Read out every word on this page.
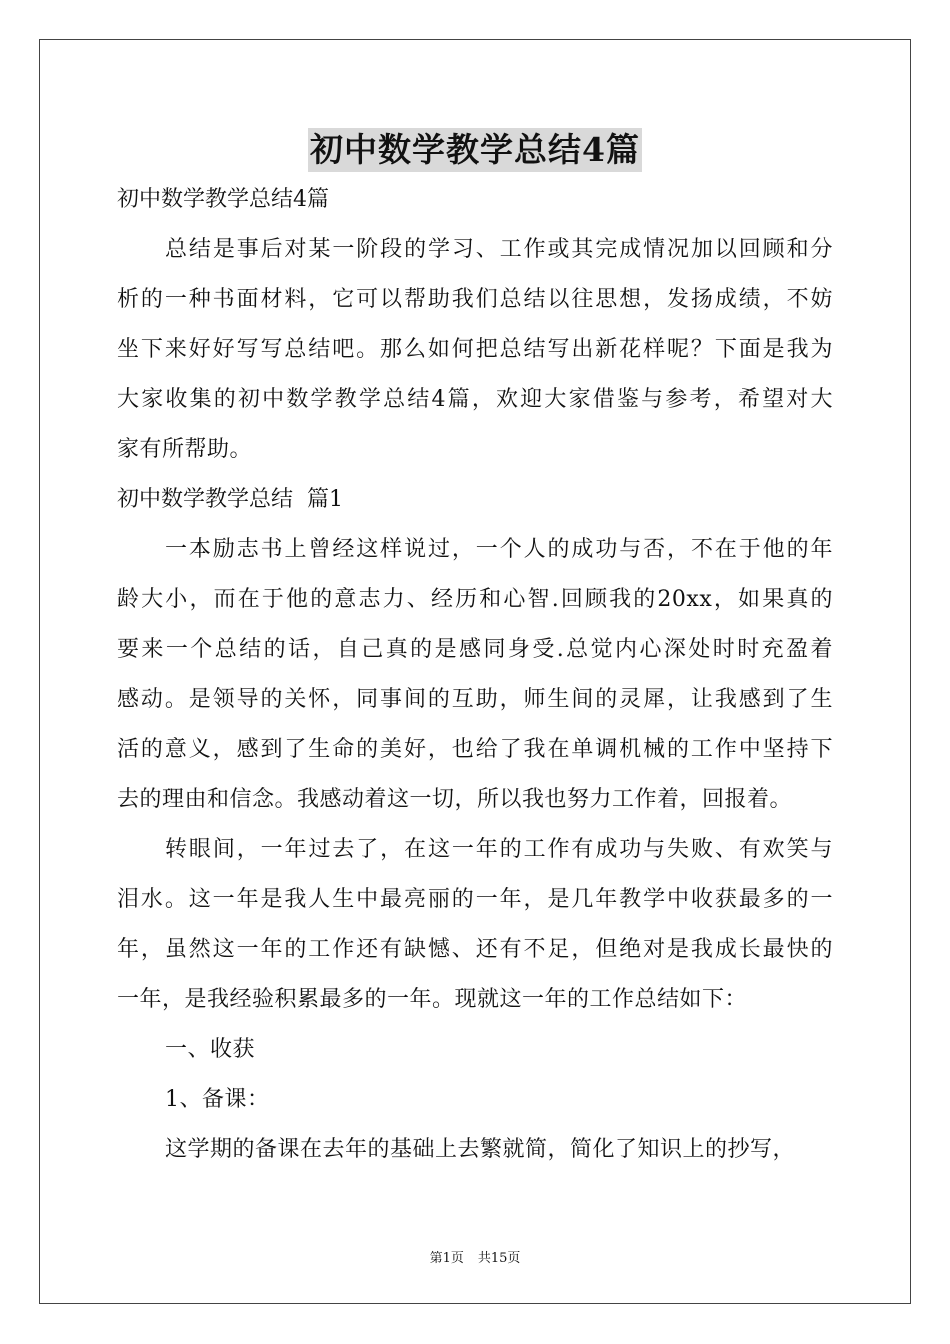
初中数学教学总结4篇
初中数学教学总结4篇
总结是事后对某一阶段的学习、工作或其完成情况加以回顾和分
析的一种书面材料，它可以帮助我们总结以往思想，发扬成绩，不妨
坐下来好好写写总结吧。那么如何把总结写出新花样呢？下面是我为
大家收集的初中数学教学总结4篇，欢迎大家借鉴与参考，希望对大
家有所帮助。
初中数学教学总结  篇1
一本励志书上曾经这样说过，一个人的成功与否，不在于他的年
龄大小，而在于他的意志力、经历和心智.回顾我的20xx，如果真的
要来一个总结的话，自己真的是感同身受.总觉内心深处时时充盈着
感动。是领导的关怀，同事间的互助，师生间的灵犀，让我感到了生
活的意义，感到了生命的美好，也给了我在单调机械的工作中坚持下
去的理由和信念。我感动着这一切，所以我也努力工作着，回报着。
转眼间，一年过去了，在这一年的工作有成功与失败、有欢笑与
泪水。这一年是我人生中最亮丽的一年，是几年教学中收获最多的一
年，虽然这一年的工作还有缺憾、还有不足，但绝对是我成长最快的
一年，是我经验积累最多的一年。现就这一年的工作总结如下：
一、收获
1、备课：
这学期的备课在去年的基础上去繁就简，简化了知识上的抄写，
第1页 共15页
